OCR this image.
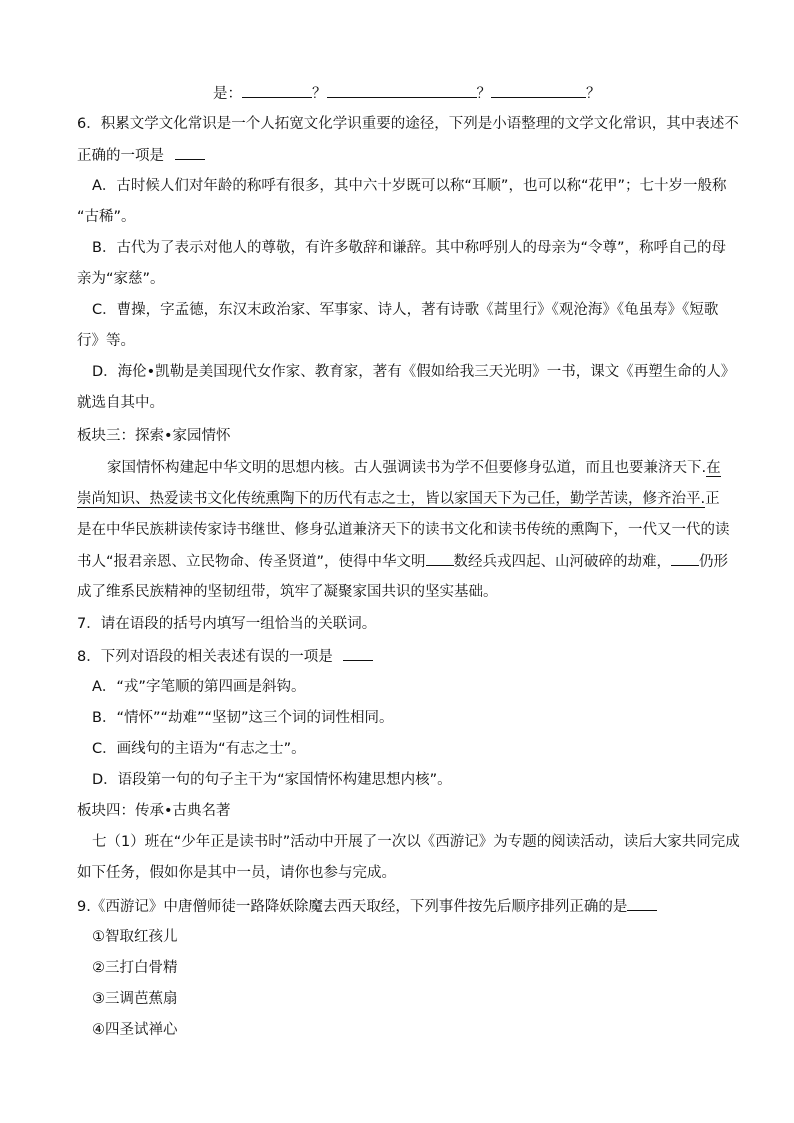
是：	？	？	？
6．积累文学文化常识是一个人拓宽文化学识重要的途径，下列是小语整理的文学文化常识，其中表述不
正确的一项是
A．古时候人们对年龄的称呼有很多，其中六十岁既可以称“耳顺”，也可以称“花甲”；七十岁一般称
“古稀”。
B．古代为了表示对他人的尊敬，有许多敬辞和谦辞。其中称呼别人的母亲为“令尊”，称呼自己的母
亲为“家慈”。
C．曹操，字孟德，东汉末政治家、军事家、诗人，著有诗歌《蒿里行》《观沧海》《龟虽寿》《短歌
行》等。
D．海伦•凯勒是美国现代女作家、教育家，著有《假如给我三天光明》一书，课文《再塑生命的人》
就选自其中。
板块三：探索•家园情怀
家国情怀构建起中华文明的思想内核。古人强调读书为学不但要修身弘道，而且也要兼济天下.在
崇尚知识、热爱读书文化传统熏陶下的历代有志之士，皆以家国天下为己任，勤学苦读，修齐治平.正
是在中华民族耕读传家诗书继世、修身弘道兼济天下的读书文化和读书传统的熏陶下，一代又一代的读
书人“报君亲恩、立民物命、传圣贤道”，使得中华文明 数经兵戎四起、山河破碎的劫难， 仍形
成了维系民族精神的坚韧纽带，筑牢了凝聚家国共识的坚实基础。
7．请在语段的括号内填写一组恰当的关联词。
8．下列对语段的相关表述有误的一项是
A．“戎”字笔顺的第四画是斜钩。
B．“情怀”“劫难”“坚韧”这三个词的词性相同。
C．画线句的主语为“有志之士”。
D．语段第一句的句子主干为“家国情怀构建思想内核”。
板块四：传承•古典名著
七（1）班在“少年正是读书时”活动中开展了一次以《西游记》为专题的阅读活动，读后大家共同完成
如下任务，假如你是其中一员，请你也参与完成。
9.《西游记》中唐僧师徒一路降妖除魔去西天取经，下列事件按先后顺序排列正确的是
①智取红孩儿
②三打白骨精
③三调芭蕉扇
④四圣试禅心
